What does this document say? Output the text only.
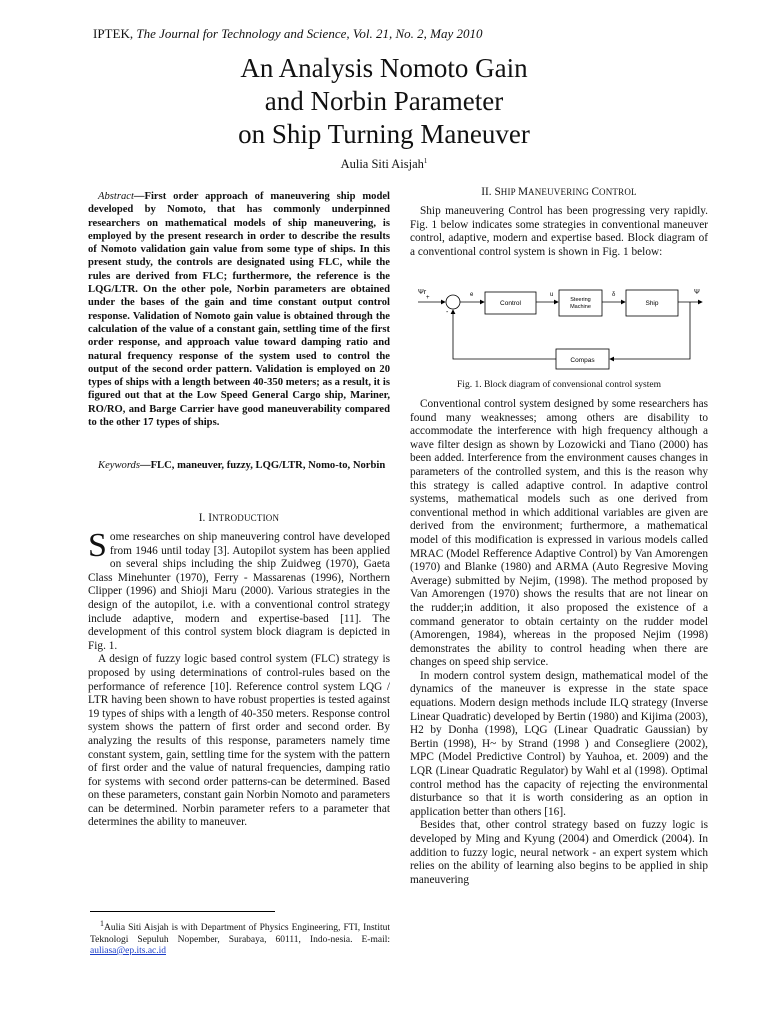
IPTEK, The Journal for Technology and Science, Vol. 21, No. 2, May 2010
An Analysis Nomoto Gain
and Norbin Parameter
on Ship Turning Maneuver
Aulia Siti Aisjah$^1$
Abstract—First order approach of maneuvering ship model developed by Nomoto, that has commonly underpinned researchers on mathematical models of ship maneuvering, is employed by the present research in order to describe the results of Nomoto validation gain value from some type of ships. In this present study, the controls are designated using FLC, while the rules are derived from FLC; furthermore, the reference is the LQG/LTR. On the other pole, Norbin parameters are obtained under the bases of the gain and time constant output control response. Validation of Nomoto gain value is obtained through the calculation of the value of a constant gain, settling time of the first order response, and approach value toward damping ratio and natural frequency response of the system used to control the output of the second order pattern. Validation is employed on 20 types of ships with a length between 40-350 meters; as a result, it is figured out that at the Low Speed General Cargo ship, Mariner, RO/RO, and Barge Carrier have good maneuverability compared to the other 17 types of ships.
Keywords—FLC, maneuver, fuzzy, LQG/LTR, Nomo-to, Norbin
I. INTRODUCTION

Some researches on ship maneuvering control have developed from 1946 until today [3]. Autopilot system has been applied on several ships including the ship Zuidweg (1970), Gaeta Class Minehunter (1970), Ferry - Massarenas (1996), Northern Clipper (1996) and Shioji Maru (2000). Various strategies in the design of the autopilot, i.e. with a conventional control strategy include adaptive, modern and expertise-based [11]. The development of this control system block diagram is depicted in Fig. 1.

A design of fuzzy logic based control system (FLC) strategy is proposed by using determinations of control-rules based on the performance of reference [10]. Reference control system LQG / LTR having been shown to have robust properties is tested against 19 types of ships with a length of 40-350 meters. Response control system shows the pattern of first order and second order. By analyzing the results of this response, parameters namely time constant system, gain, settling time for the system with the pattern of first order and the value of natural frequencies, damping ratio for systems with second order patterns-can be determined. Based on these parameters, constant gain Norbin Nomoto and parameters can be determined. Norbin parameter refers to a parameter that determines the ability to maneuver.

$^1$Aulia Siti Aisjah is with Department of Physics Engineering, FTI, Institut Teknologi Sepuluh Nopember, Surabaya, 60111, Indo-nesia. E-mail: auliasa@ep.its.ac.id
II. SHIP MANEUVERING CONTROL

Ship maneuvering Control has been progressing very rapidly. Fig. 1 below indicates some strategies in conventional maneuver control, adaptive, modern and expertise based. Block diagram of a conventional control system is shown in Fig. 1 below:

Ψr
+
-
e
Control
u
Steering
Machine
δ
Ship
Ψ
Compas
Fig. 1. Block diagram of convensional control system

Conventional control system designed by some researchers has found many weaknesses; among others are disability to accommodate the interference with high frequency although a wave filter design as shown by Lozowicki and Tiano (2000) has been added. Interference from the environment causes changes in parameters of the controlled system, and this is the reason why this strategy is called adaptive control. In adaptive control systems, mathematical models such as one derived from conventional method in which additional variables are given are derived from the environment; furthermore, a mathematical model of this modification is expressed in various models called MRAC (Model Refference Adaptive Control) by Van Amorengen (1970) and Blanke (1980) and ARMA (Auto Regresive Moving Average) submitted by Nejim, (1998). The method proposed by Van Amorengen (1970) shows the results that are not linear on the rudder;in addition, it also proposed the existence of a command generator to obtain certainty on the rudder model (Amorengen, 1984), whereas in the proposed Nejim (1998) demonstrates the ability to control heading when there are changes on speed ship service.

In modern control system design, mathematical model of the dynamics of the maneuver is expresse in the state space equations. Modern design methods include ILQ strategy (Inverse Linear Quadratic) developed by Bertin (1980) and Kijima (2003), H2 by Donha (1998), LQG (Linear Quadratic Gaussian) by Bertin (1998), H~ by Strand (1998 ) and Consegliere (2002), MPC (Model Predictive Control) by Yauhoa, et. 2009) and the LQR (Linear Quadratic Regulator) by Wahl et al (1998). Optimal control method has the capacity of rejecting the environmental disturbance so that it is worth considering as an option in application better than others [16].

Besides that, other control strategy based on fuzzy logic is developed by Ming and Kyung (2004) and Omerdick (2004). In addition to fuzzy logic, neural network - an expert system which relies on the ability of learning also begins to be applied in ship maneuvering
